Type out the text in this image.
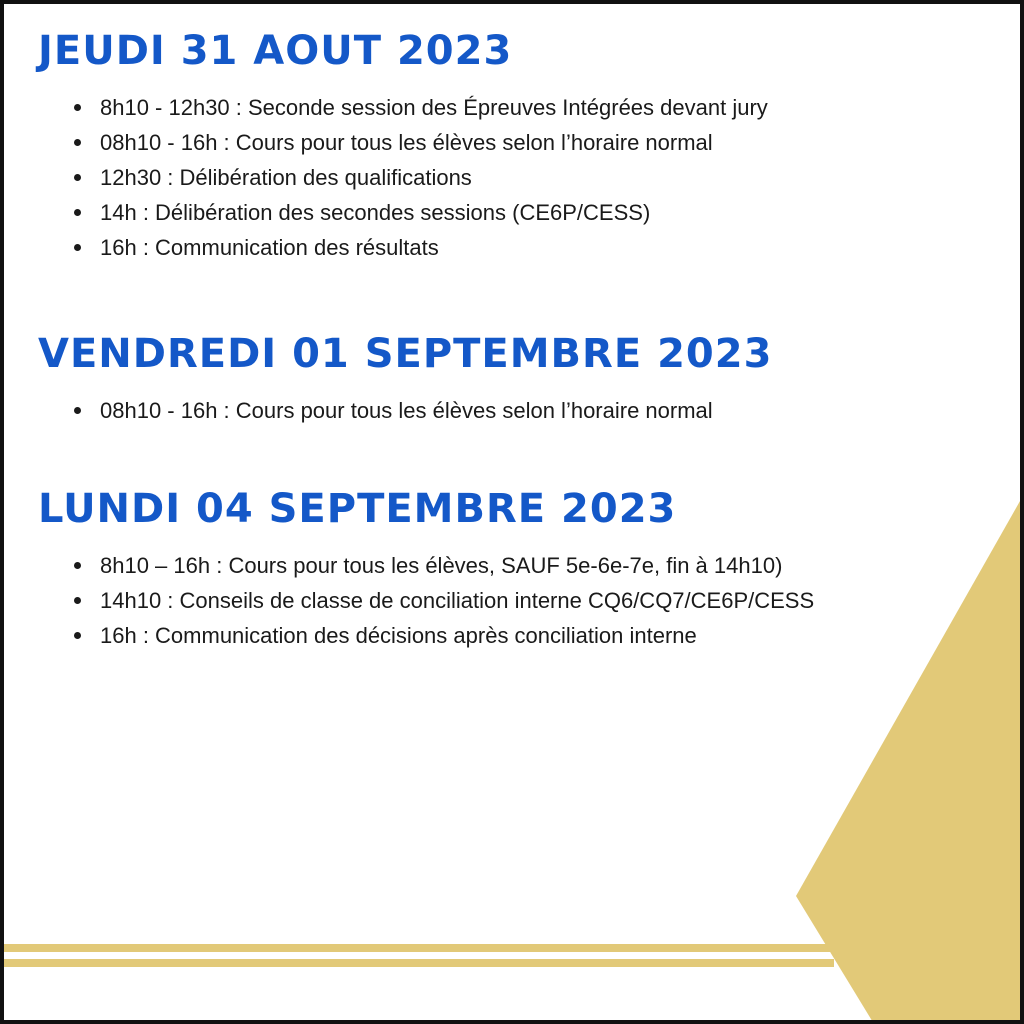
JEUDI 31 AOUT 2023
8h10 - 12h30 : Seconde session des Épreuves Intégrées devant jury
08h10 - 16h : Cours pour tous les élèves selon l’horaire normal
12h30 : Délibération des qualifications
14h : Délibération des secondes sessions (CE6P/CESS)
16h : Communication des résultats
VENDREDI 01 SEPTEMBRE 2023
08h10 - 16h : Cours pour tous les élèves selon l’horaire normal
LUNDI 04 SEPTEMBRE 2023
8h10 – 16h : Cours pour tous les élèves, SAUF 5e-6e-7e, fin à 14h10)
14h10 : Conseils de classe de conciliation interne CQ6/CQ7/CE6P/CESS
16h : Communication des décisions après conciliation interne
